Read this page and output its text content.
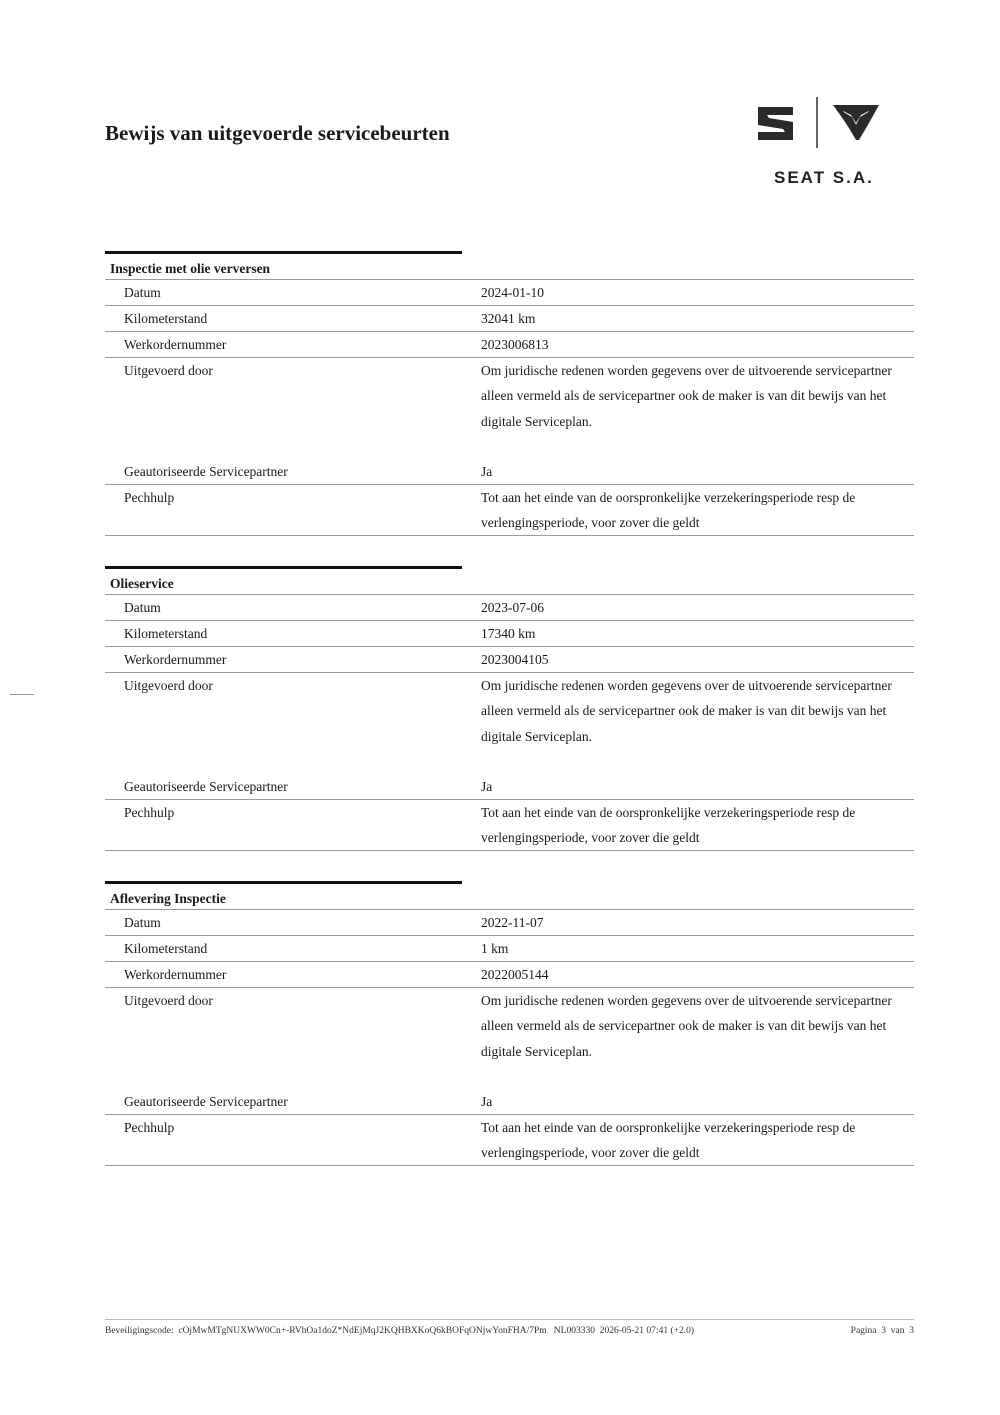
Bewijs van uitgevoerde servicebeurten
SEAT S.A.
Inspectie met olie verversen
Datum	2024-01-10
Kilometerstand	32041 km
Werkordernummer	2023006813
Uitgevoerd door	Om juridische redenen worden gegevens over de uitvoerende servicepartner alleen vermeld als de servicepartner ook de maker is van dit bewijs van het digitale Serviceplan.
Geautoriseerde Servicepartner	Ja
Pechhulp	Tot aan het einde van de oorspronkelijke verzekeringsperiode resp de verlengingsperiode, voor zover die geldt
Olieservice
Datum	2023-07-06
Kilometerstand	17340 km
Werkordernummer	2023004105
Uitgevoerd door	Om juridische redenen worden gegevens over de uitvoerende servicepartner alleen vermeld als de servicepartner ook de maker is van dit bewijs van het digitale Serviceplan.
Geautoriseerde Servicepartner	Ja
Pechhulp	Tot aan het einde van de oorspronkelijke verzekeringsperiode resp de verlengingsperiode, voor zover die geldt
Aflevering Inspectie
Datum	2022-11-07
Kilometerstand	1 km
Werkordernummer	2022005144
Uitgevoerd door	Om juridische redenen worden gegevens over de uitvoerende servicepartner alleen vermeld als de servicepartner ook de maker is van dit bewijs van het digitale Serviceplan.
Geautoriseerde Servicepartner	Ja
Pechhulp	Tot aan het einde van de oorspronkelijke verzekeringsperiode resp de verlengingsperiode, voor zover die geldt
Beveiligingscode:  cOjMwMTgNUXWW0Cn+-RVhOa1doZ*NdEjMqJ2KQHBXKoQ6kBOFqONjwYonFHA/7Pm   NL003330  2026-05-21 07:41 (+2.0)	Pagina  3  van  3
